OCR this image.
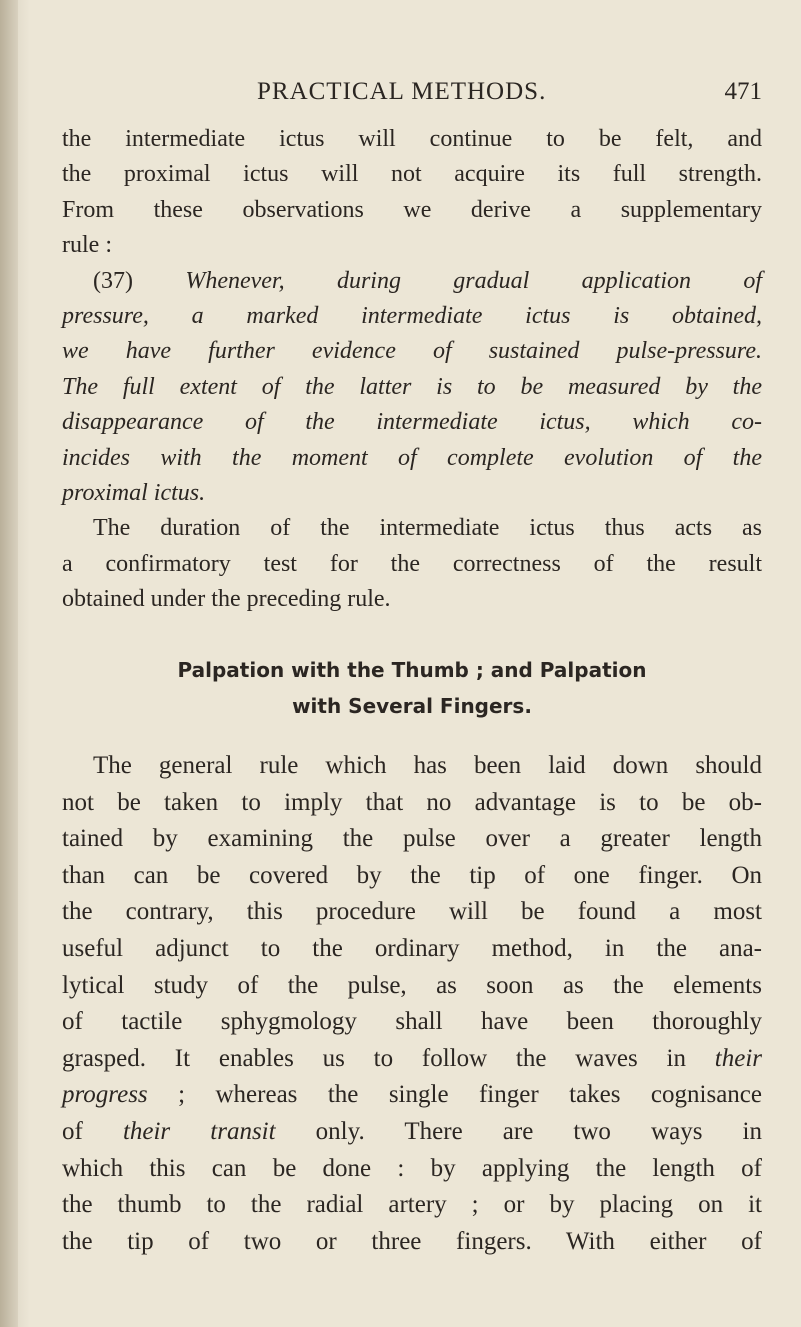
PRACTICAL METHODS.	471
the intermediate ictus will continue to be felt, and
the proximal ictus will not acquire its full strength.
From these observations we derive a supplementary
rule :
(37) Whenever, during gradual application of
pressure, a marked intermediate ictus is obtained,
we have further evidence of sustained pulse-pressure.
The full extent of the latter is to be measured by the
disappearance of the intermediate ictus, which co-
incides with the moment of complete evolution of the
proximal ictus.
The duration of the intermediate ictus thus acts as
a confirmatory test for the correctness of the result
obtained under the preceding rule.
Palpation with the Thumb ; and Palpation
with Several Fingers.
The general rule which has been laid down should
not be taken to imply that no advantage is to be ob-
tained by examining the pulse over a greater length
than can be covered by the tip of one finger. On
the contrary, this procedure will be found a most
useful adjunct to the ordinary method, in the ana-
lytical study of the pulse, as soon as the elements
of tactile sphygmology shall have been thoroughly
grasped. It enables us to follow the waves in their
progress ; whereas the single finger takes cognisance
of their transit only. There are two ways in
which this can be done : by applying the length of
the thumb to the radial artery ; or by placing on it
the tip of two or three fingers. With either of
